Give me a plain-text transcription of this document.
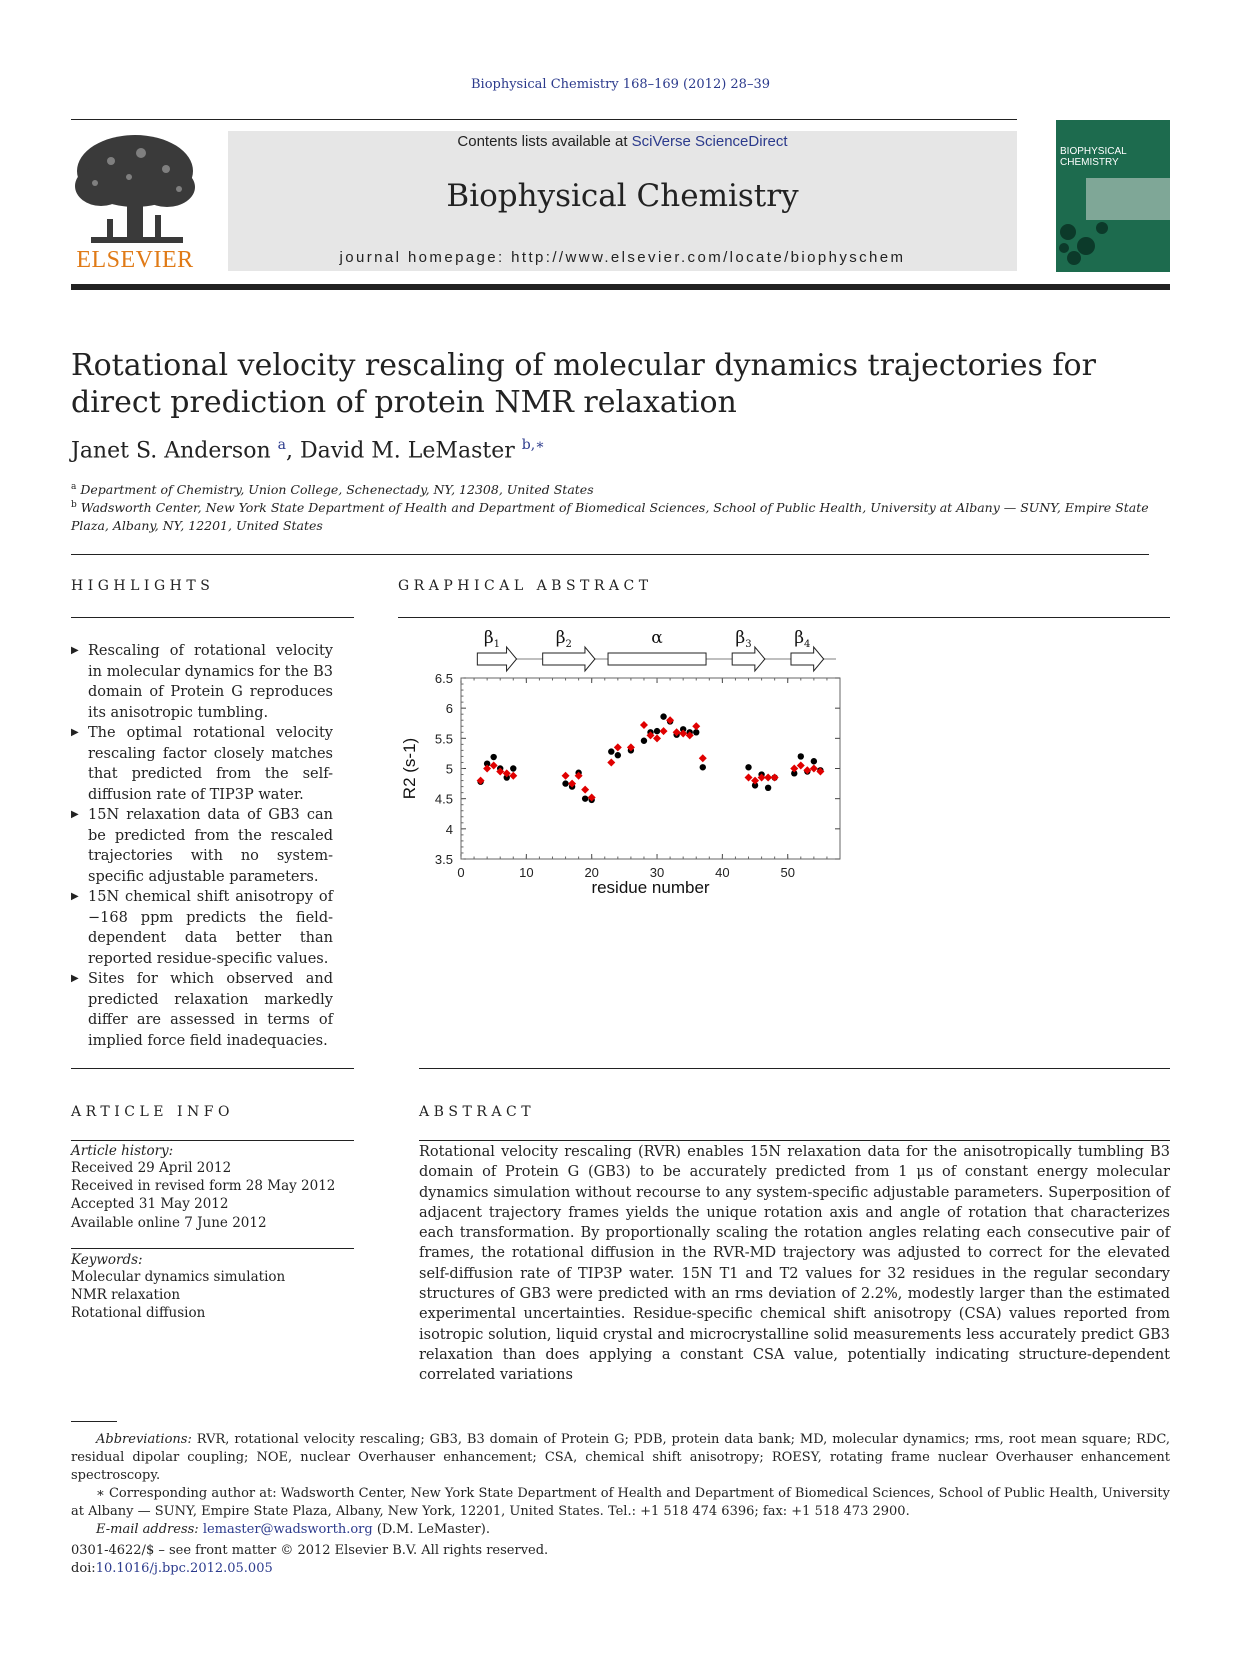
Biophysical Chemistry 168–169 (2012) 28–39
ELSEVIER
Contents lists available at SciVerse ScienceDirect
Biophysical Chemistry
journal homepage: http://www.elsevier.com/locate/biophyschem
BIOPHYSICAL
CHEMISTRY
Rotational velocity rescaling of molecular dynamics trajectories for direct prediction of protein NMR relaxation
Janet S. Anderson $^a$, David M. LeMaster $^{b,∗}$
$^a$ Department of Chemistry, Union College, Schenectady, NY, 12308, United States
$^b$ Wadsworth Center, New York State Department of Health and Department of Biomedical Sciences, School of Public Health, University at Albany — SUNY, Empire State Plaza, Albany, NY, 12201, United States
HIGHLIGHTS
▶ Rescaling of rotational velocity in molecular dynamics for the B3 domain of Protein G reproduces its anisotropic tumbling.
▶ The optimal rotational velocity rescaling factor closely matches that predicted from the self-diffusion rate of TIP3P water.
▶ 15N relaxation data of GB3 can be predicted from the rescaled trajectories with no system-specific adjustable parameters.
▶ 15N chemical shift anisotropy of −168 ppm predicts the field-dependent data better than reported residue-specific values.
▶ Sites for which observed and predicted relaxation markedly differ are assessed in terms of implied force field inadequacies.
GRAPHICAL ABSTRACT
$\beta_1$	$\beta_2$	α	$\beta_3$	$\beta_4$
3.5
4
4.5
5
5.5
6
6.5
0	10	20	30	40	50
residue number
R2 (s-1)
ARTICLE INFO
Article history:
Received 29 April 2012
Received in revised form 28 May 2012
Accepted 31 May 2012
Available online 7 June 2012
Keywords:
Molecular dynamics simulation
NMR relaxation
Rotational diffusion
ABSTRACT
Rotational velocity rescaling (RVR) enables 15N relaxation data for the anisotropically tumbling B3 domain of Protein G (GB3) to be accurately predicted from 1 μs of constant energy molecular dynamics simulation without recourse to any system-specific adjustable parameters. Superposition of adjacent trajectory frames yields the unique rotation axis and angle of rotation that characterizes each transformation. By proportionally scaling the rotation angles relating each consecutive pair of frames, the rotational diffusion in the RVR-MD trajectory was adjusted to correct for the elevated self-diffusion rate of TIP3P water. 15N T1 and T2 values for 32 residues in the regular secondary structures of GB3 were predicted with an rms deviation of 2.2%, modestly larger than the estimated experimental uncertainties. Residue-specific chemical shift anisotropy (CSA) values reported from isotropic solution, liquid crystal and microcrystalline solid measurements less accurately predict GB3 relaxation than does applying a constant CSA value, potentially indicating structure-dependent correlated variations

Abbreviations: RVR, rotational velocity rescaling; GB3, B3 domain of Protein G; PDB, protein data bank; MD, molecular dynamics; rms, root mean square; RDC, residual dipolar coupling; NOE, nuclear Overhauser enhancement; CSA, chemical shift anisotropy; ROESY, rotating frame nuclear Overhauser enhancement spectroscopy.

∗ Corresponding author at: Wadsworth Center, New York State Department of Health and Department of Biomedical Sciences, School of Public Health, University at Albany — SUNY, Empire State Plaza, Albany, New York, 12201, United States. Tel.: +1 518 474 6396; fax: +1 518 473 2900.

E-mail address: lemaster@wadsworth.org (D.M. LeMaster).

0301-4622/$ – see front matter © 2012 Elsevier B.V. All rights reserved.
doi:10.1016/j.bpc.2012.05.005
